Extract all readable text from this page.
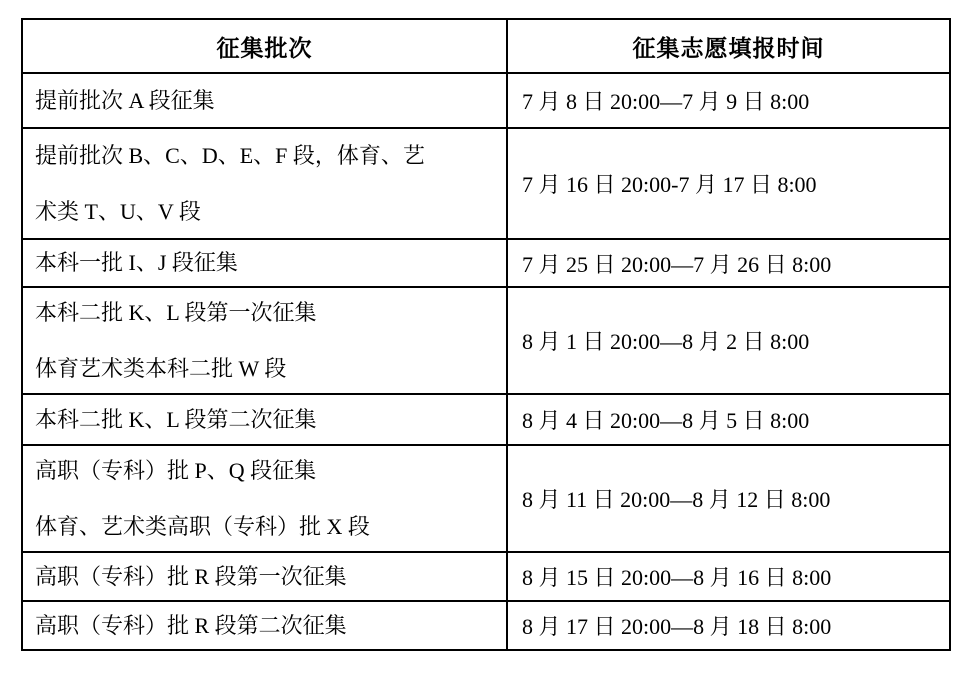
征集批次	征集志愿填报时间

提前批次 A 段征集	7 月 8 日 20:00—7 月 9 日 8:00

提前批次 B、C、D、E、F 段，体育、艺
术类 T、U、V 段	7 月 16 日 20:00-7 月 17 日 8:00

本科一批 I、J 段征集	7 月 25 日 20:00—7 月 26 日 8:00

本科二批 K、L 段第一次征集
体育艺术类本科二批 W 段	8 月 1 日 20:00—8 月 2 日 8:00

本科二批 K、L 段第二次征集	8 月 4 日 20:00—8 月 5 日 8:00

高职（专科）批 P、Q 段征集
体育、艺术类高职（专科）批 X 段	8 月 11 日 20:00—8 月 12 日 8:00

高职（专科）批 R 段第一次征集	8 月 15 日 20:00—8 月 16 日 8:00

高职（专科）批 R 段第二次征集	8 月 17 日 20:00—8 月 18 日 8:00
